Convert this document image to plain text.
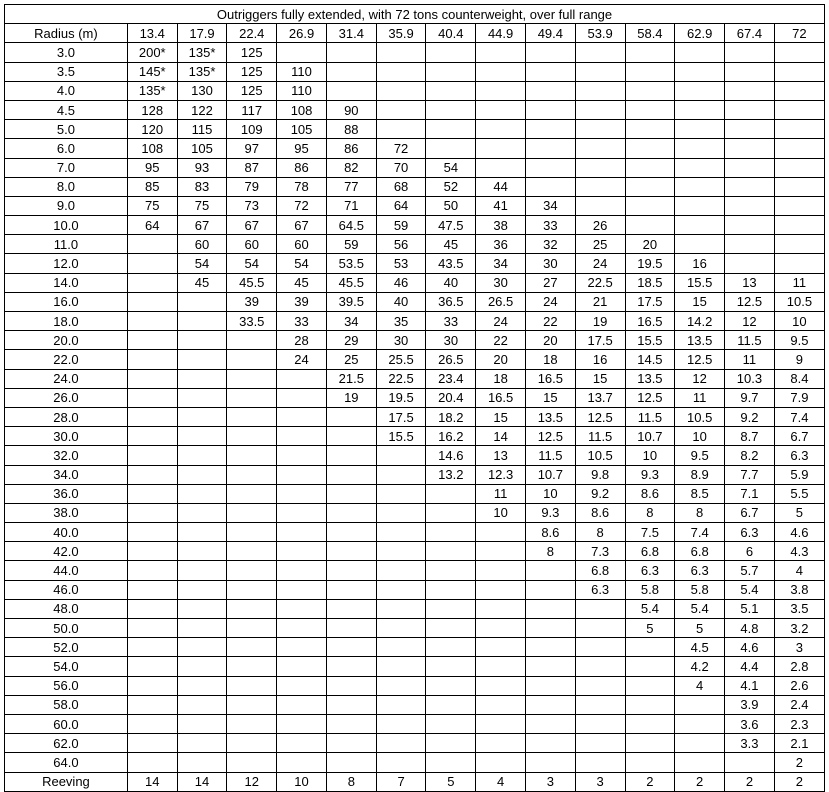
Outriggers fully extended, with 72 tons counterweight, over full range														
Radius (m)	13.4	17.9	22.4	26.9	31.4	35.9	40.4	44.9	49.4	53.9	58.4	62.9	67.4	72
3.0	200*	135*	125											
3.5	145*	135*	125	110										
4.0	135*	130	125	110										
4.5	128	122	117	108	90									
5.0	120	115	109	105	88									
6.0	108	105	97	95	86	72								
7.0	95	93	87	86	82	70	54							
8.0	85	83	79	78	77	68	52	44						
9.0	75	75	73	72	71	64	50	41	34					
10.0	64	67	67	67	64.5	59	47.5	38	33	26				
11.0		60	60	60	59	56	45	36	32	25	20			
12.0		54	54	54	53.5	53	43.5	34	30	24	19.5	16		
14.0		45	45.5	45	45.5	46	40	30	27	22.5	18.5	15.5	13	11
16.0			39	39	39.5	40	36.5	26.5	24	21	17.5	15	12.5	10.5
18.0			33.5	33	34	35	33	24	22	19	16.5	14.2	12	10
20.0				28	29	30	30	22	20	17.5	15.5	13.5	11.5	9.5
22.0				24	25	25.5	26.5	20	18	16	14.5	12.5	11	9
24.0					21.5	22.5	23.4	18	16.5	15	13.5	12	10.3	8.4
26.0					19	19.5	20.4	16.5	15	13.7	12.5	11	9.7	7.9
28.0						17.5	18.2	15	13.5	12.5	11.5	10.5	9.2	7.4
30.0						15.5	16.2	14	12.5	11.5	10.7	10	8.7	6.7
32.0							14.6	13	11.5	10.5	10	9.5	8.2	6.3
34.0							13.2	12.3	10.7	9.8	9.3	8.9	7.7	5.9
36.0								11	10	9.2	8.6	8.5	7.1	5.5
38.0								10	9.3	8.6	8	8	6.7	5
40.0									8.6	8	7.5	7.4	6.3	4.6
42.0									8	7.3	6.8	6.8	6	4.3
44.0										6.8	6.3	6.3	5.7	4
46.0										6.3	5.8	5.8	5.4	3.8
48.0											5.4	5.4	5.1	3.5
50.0											5	5	4.8	3.2
52.0												4.5	4.6	3
54.0												4.2	4.4	2.8
56.0												4	4.1	2.6
58.0													3.9	2.4
60.0													3.6	2.3
62.0													3.3	2.1
64.0														2
Reeving	14	14	12	10	8	7	5	4	3	3	2	2	2	2
